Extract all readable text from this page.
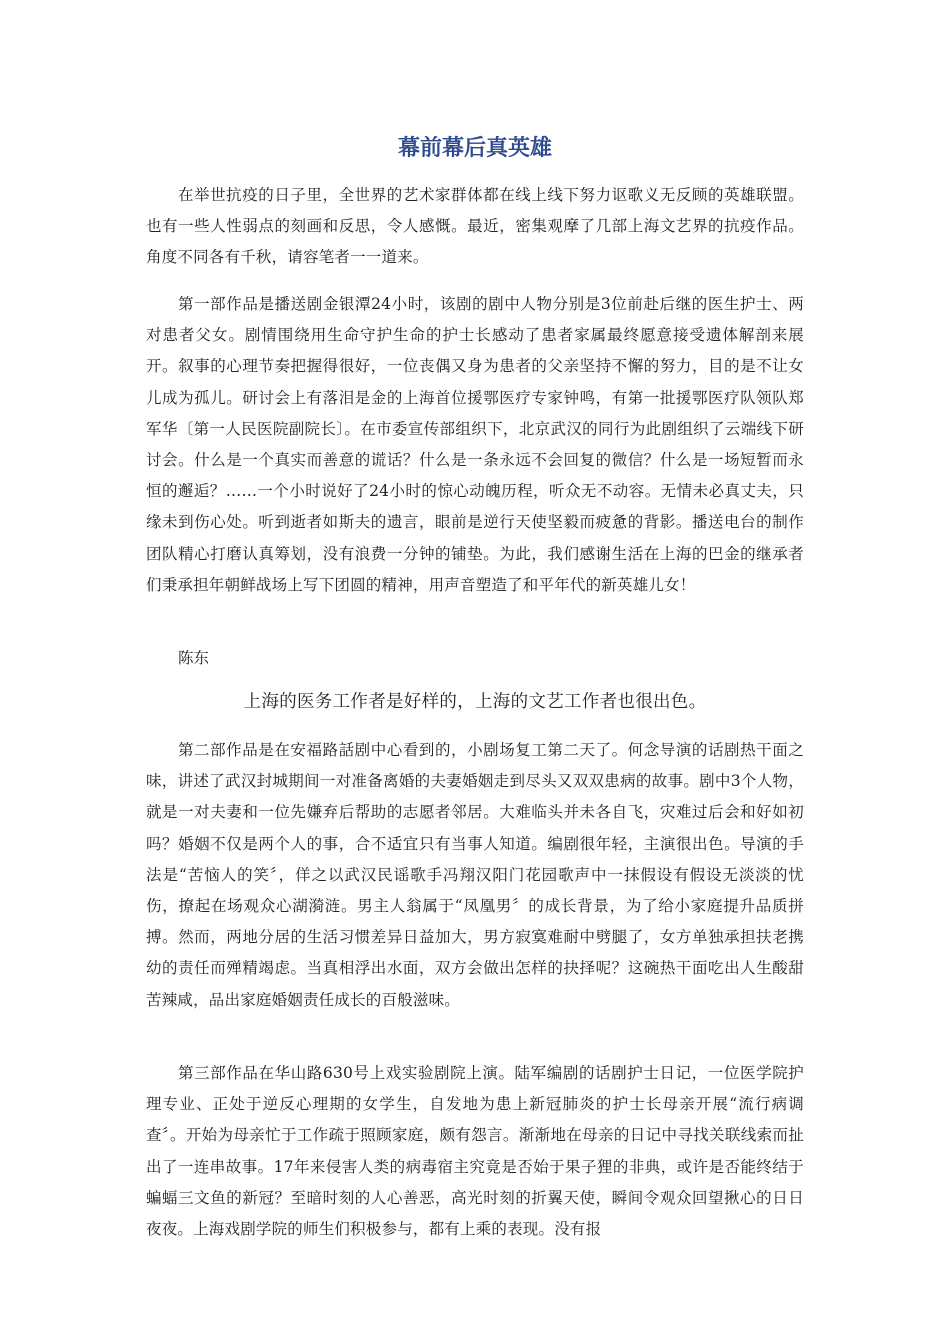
幕前幕后真英雄

在举世抗疫的日子里，全世界的艺术家群体都在线上线下努力讴歌义无反顾的英雄联盟。也有一些人性弱点的刻画和反思，令人感慨。最近，密集观摩了几部上海文艺界的抗疫作品。角度不同各有千秋，请容笔者一一道来。

第一部作品是播送剧金银潭24小时，该剧的剧中人物分别是3位前赴后继的医生护士、两对患者父女。剧情围绕用生命守护生命的护士长感动了患者家属最终愿意接受遗体解剖来展开。叙事的心理节奏把握得很好，一位丧偶又身为患者的父亲坚持不懈的努力，目的是不让女儿成为孤儿。研讨会上有落泪是金的上海首位援鄂医疗专家钟鸣，有第一批援鄂医疗队领队郑军华〔第一人民医院副院长〕。在市委宣传部组织下，北京武汉的同行为此剧组织了云端线下研讨会。什么是一个真实而善意的谎话？什么是一条永远不会回复的微信？什么是一场短暂而永恒的邂逅？……一个小时说好了24小时的惊心动魄历程，听众无不动容。无情未必真丈夫，只缘未到伤心处。听到逝者如斯夫的遗言，眼前是逆行天使坚毅而疲惫的背影。播送电台的制作团队精心打磨认真筹划，没有浪费一分钟的铺垫。为此，我们感谢生活在上海的巴金的继承者们秉承担年朝鲜战场上写下团圆的精神，用声音塑造了和平年代的新英雄儿女！

陈东

上海的医务工作者是好样的，上海的文艺工作者也很出色。

第二部作品是在安福路話剧中心看到的，小剧场复工第二天了。何念导演的话剧热干面之味，讲述了武汉封城期间一对准备离婚的夫妻婚姻走到尽头又双双患病的故事。剧中3个人物，就是一对夫妻和一位先嫌弃后帮助的志愿者邻居。大难临头并未各自飞，灾难过后会和好如初吗？婚姻不仅是两个人的事，合不适宜只有当事人知道。编剧很年轻，主演很出色。导演的手法是“苦恼人的笑〞，佯之以武汉民谣歌手冯翔汉阳门花园歌声中一抹假设有假设无淡淡的忧伤，撩起在场观众心湖漪涟。男主人翁属于“凤凰男〞的成长背景，为了给小家庭提升品质拼搏。然而，两地分居的生活习惯差异日益加大，男方寂寞难耐中劈腿了，女方单独承担扶老携幼的责任而殚精竭虑。当真相浮出水面，双方会做出怎样的抉择呢？这碗热干面吃出人生酸甜苦辣咸，品出家庭婚姻责任成长的百般滋味。

第三部作品在华山路630号上戏实验剧院上演。陆军编剧的话剧护士日记，一位医学院护理专业、正处于逆反心理期的女学生，自发地为患上新冠肺炎的护士长母亲开展“流行病调查〞。开始为母亲忙于工作疏于照顾家庭，颇有怨言。渐渐地在母亲的日记中寻找关联线索而扯出了一连串故事。17年来侵害人类的病毒宿主究竟是否始于果子狸的非典，或许是否能终结于蝙蝠三文鱼的新冠？至暗时刻的人心善恶，高光时刻的折翼天使，瞬间令观众回望揪心的日日夜夜。上海戏剧学院的师生们积极参与，都有上乘的表现。没有报
